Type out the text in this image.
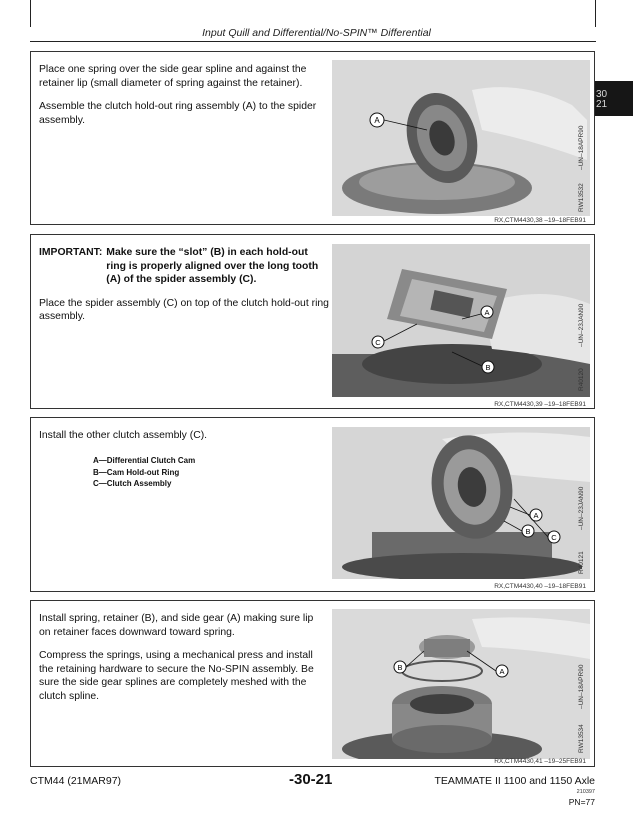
Input Quill and Differential/No-SPIN™ Differential
30
21

Place one spring over the side gear spline and against the retainer lip (small diameter of spring against the retainer).

Assemble the clutch hold-out ring assembly (A) to the spider assembly.	A
RW13532
–UN–18APR90
RX,CTM4430,38 –19–18FEB91
IMPORTANT: Make sure the “slot” (B) in each hold-out ring is properly aligned over the long tooth (A) of the spider assembly (C).

Place the spider assembly (C) on top of the clutch hold-out ring assembly.	A
C
B
R40120
–UN–23JAN90
RX,CTM4430,39 –19–18FEB91

Install the other clutch assembly (C).

A—Differential Clutch Cam
B—Cam Hold-out Ring
C—Clutch Assembly
A
B
C
R40121
–UN–23JAN90
RX,CTM4430,40 –19–18FEB91

Install spring, retainer (B), and side gear (A) making sure lip on retainer faces downward toward spring.

Compress the springs, using a mechanical press and install the retaining hardware to secure the No-SPIN assembly. Be sure the side gear splines are completely meshed with the clutch spline.

B	A
RW13534
–UN–18APR90
RX,CTM4430,41 –19–25FEB91
CTM44 (21MAR97)	-30-21	TEAMMATE II 1100 and 1150 Axle
210397
PN=77
